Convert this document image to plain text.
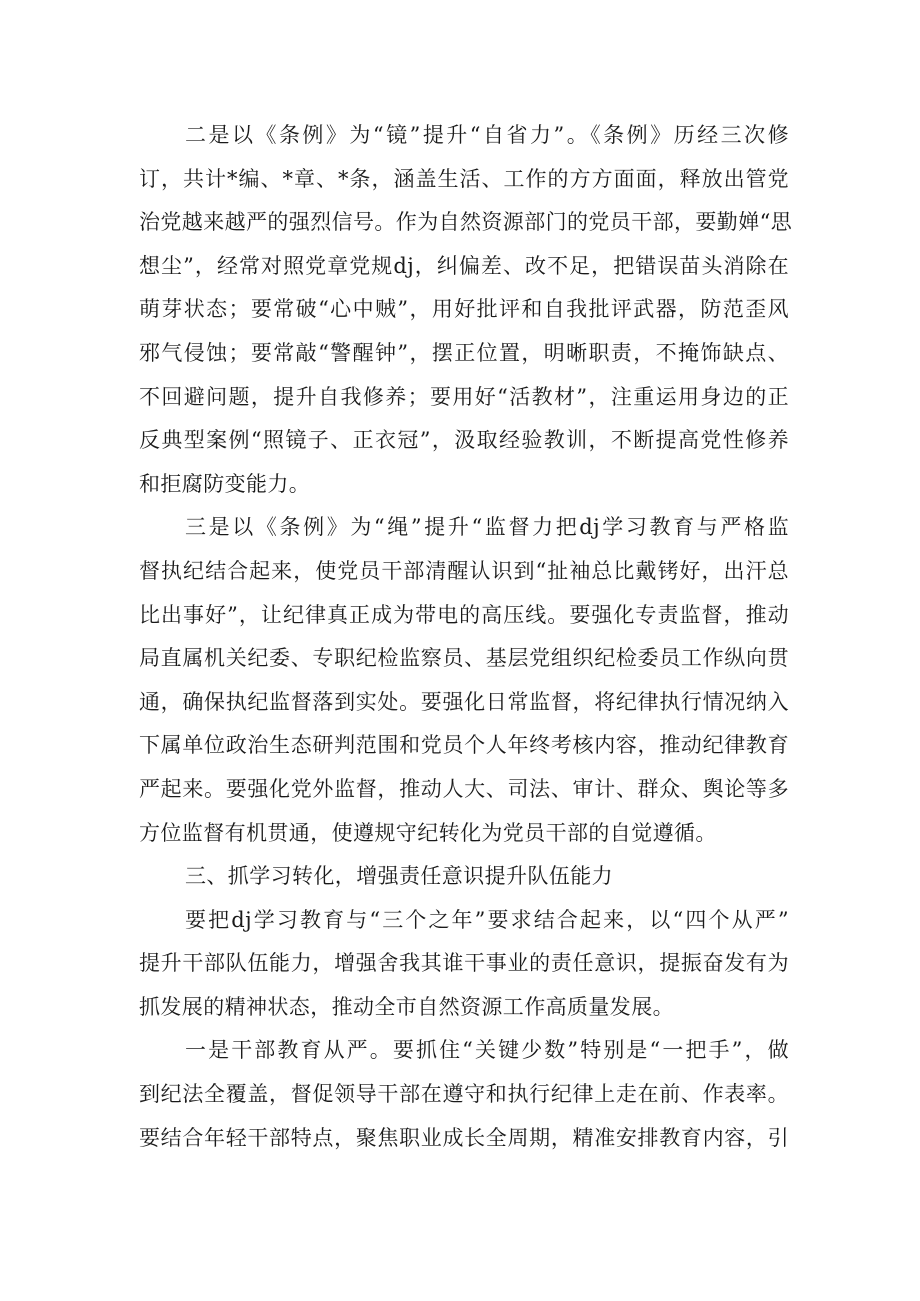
二是以《条例》为“镜”提升“自省力”。《条例》历经三次修
订，共计*编、*章、*条，涵盖生活、工作的方方面面，释放出管党
治党越来越严的强烈信号。作为自然资源部门的党员干部，要勤婵“思
想尘”，经常对照党章党规dj，纠偏差、改不足，把错误苗头消除在
萌芽状态；要常破“心中贼”，用好批评和自我批评武器，防范歪风
邪气侵蚀；要常敲“警醒钟”，摆正位置，明晰职责，不掩饰缺点、
不回避问题，提升自我修养；要用好“活教材”，注重运用身边的正
反典型案例“照镜子、正衣冠”，汲取经验教训，不断提高党性修养
和拒腐防变能力。

三是以《条例》为“绳”提升“监督力把dj学习教育与严格监
督执纪结合起来，使党员干部清醒认识到“扯袖总比戴铐好，出汗总
比出事好”，让纪律真正成为带电的高压线。要强化专责监督，推动
局直属机关纪委、专职纪检监察员、基层党组织纪检委员工作纵向贯
通，确保执纪监督落到实处。要强化日常监督，将纪律执行情况纳入
下属单位政治生态研判范围和党员个人年终考核内容，推动纪律教育
严起来。要强化党外监督，推动人大、司法、审计、群众、舆论等多
方位监督有机贯通，使遵规守纪转化为党员干部的自觉遵循。

三、抓学习转化，增强责任意识提升队伍能力

要把dj学习教育与“三个之年”要求结合起来，以“四个从严”
提升干部队伍能力，增强舍我其谁干事业的责任意识，提振奋发有为
抓发展的精神状态，推动全市自然资源工作高质量发展。

一是干部教育从严。要抓住“关键少数”特别是“一把手”，做
到纪法全覆盖，督促领导干部在遵守和执行纪律上走在前、作表率。
要结合年轻干部特点，聚焦职业成长全周期，精准安排教育内容，引
